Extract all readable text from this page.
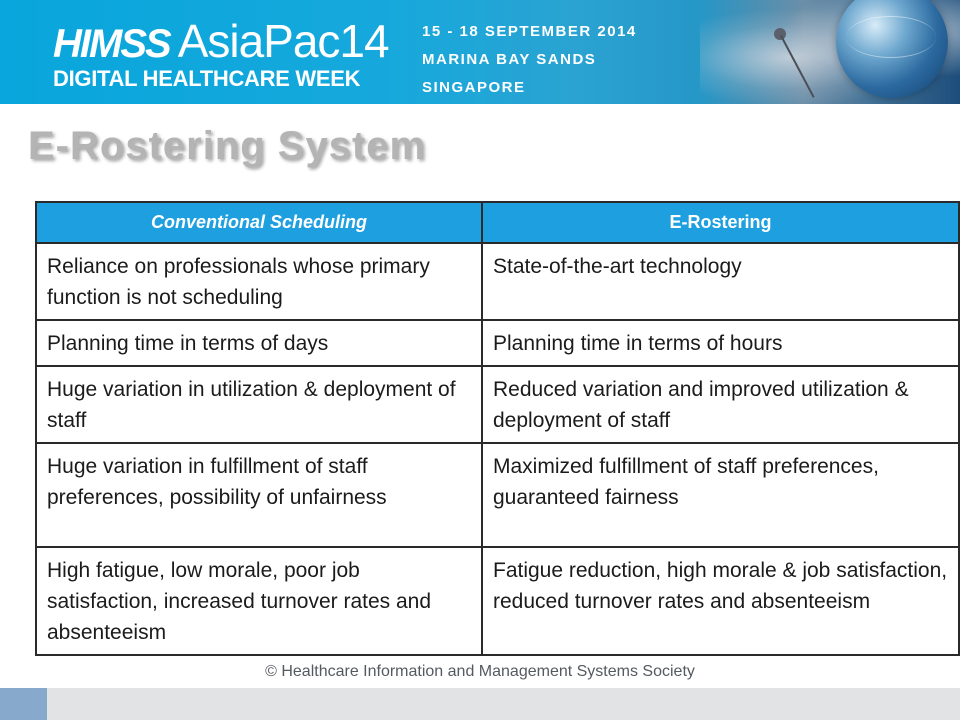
HIMSS AsiaPac14
DIGITAL HEALTHCARE WEEK
15 - 18 SEPTEMBER 2014
MARINA BAY SANDS
SINGAPORE
E-Rostering System
Conventional Scheduling	E-Rostering
Reliance on professionals whose primary function is not scheduling	State-of-the-art technology
Planning time in terms of days	Planning time in terms of hours
Huge variation in utilization & deployment of staff	Reduced variation and improved utilization & deployment of staff
Huge variation in fulfillment of staff preferences, possibility of unfairness	Maximized fulfillment of staff preferences, guaranteed fairness
High fatigue, low morale, poor job satisfaction, increased turnover rates and absenteeism	Fatigue reduction, high morale & job satisfaction, reduced turnover rates and absenteeism
© Healthcare Information and Management Systems Society
